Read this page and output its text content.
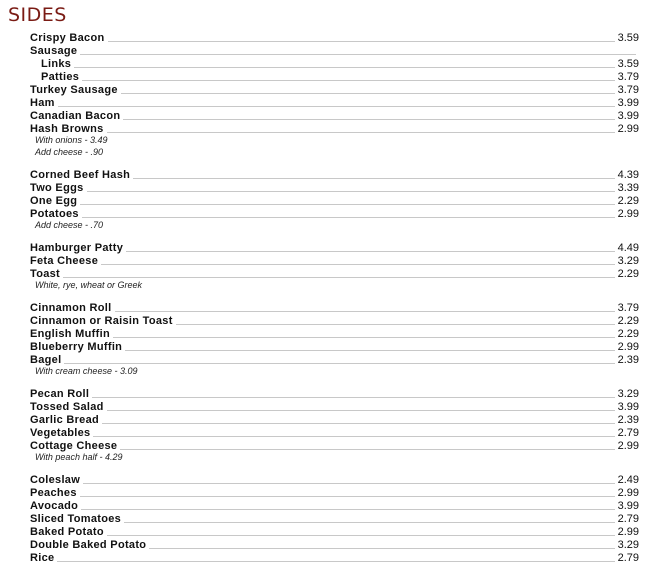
SIDES
Crispy Bacon	3.59
Sausage
Links	3.59
Patties	3.79
Turkey Sausage	3.79
Ham	3.99
Canadian Bacon	3.99
Hash Browns	2.99
With onions - 3.49
Add cheese - .90
Corned Beef Hash	4.39
Two Eggs	3.39
One Egg	2.29
Potatoes	2.99
Add cheese - .70
Hamburger Patty	4.49
Feta Cheese	3.29
Toast	2.29
White, rye, wheat or Greek
Cinnamon Roll	3.79
Cinnamon or Raisin Toast	2.29
English Muffin	2.29
Blueberry Muffin	2.99
Bagel	2.39
With cream cheese - 3.09
Pecan Roll	3.29
Tossed Salad	3.99
Garlic Bread	2.39
Vegetables	2.79
Cottage Cheese	2.99
With peach half - 4.29
Coleslaw	2.49
Peaches	2.99
Avocado	3.99
Sliced Tomatoes	2.79
Baked Potato	2.99
Double Baked Potato	3.29
Rice	2.79
